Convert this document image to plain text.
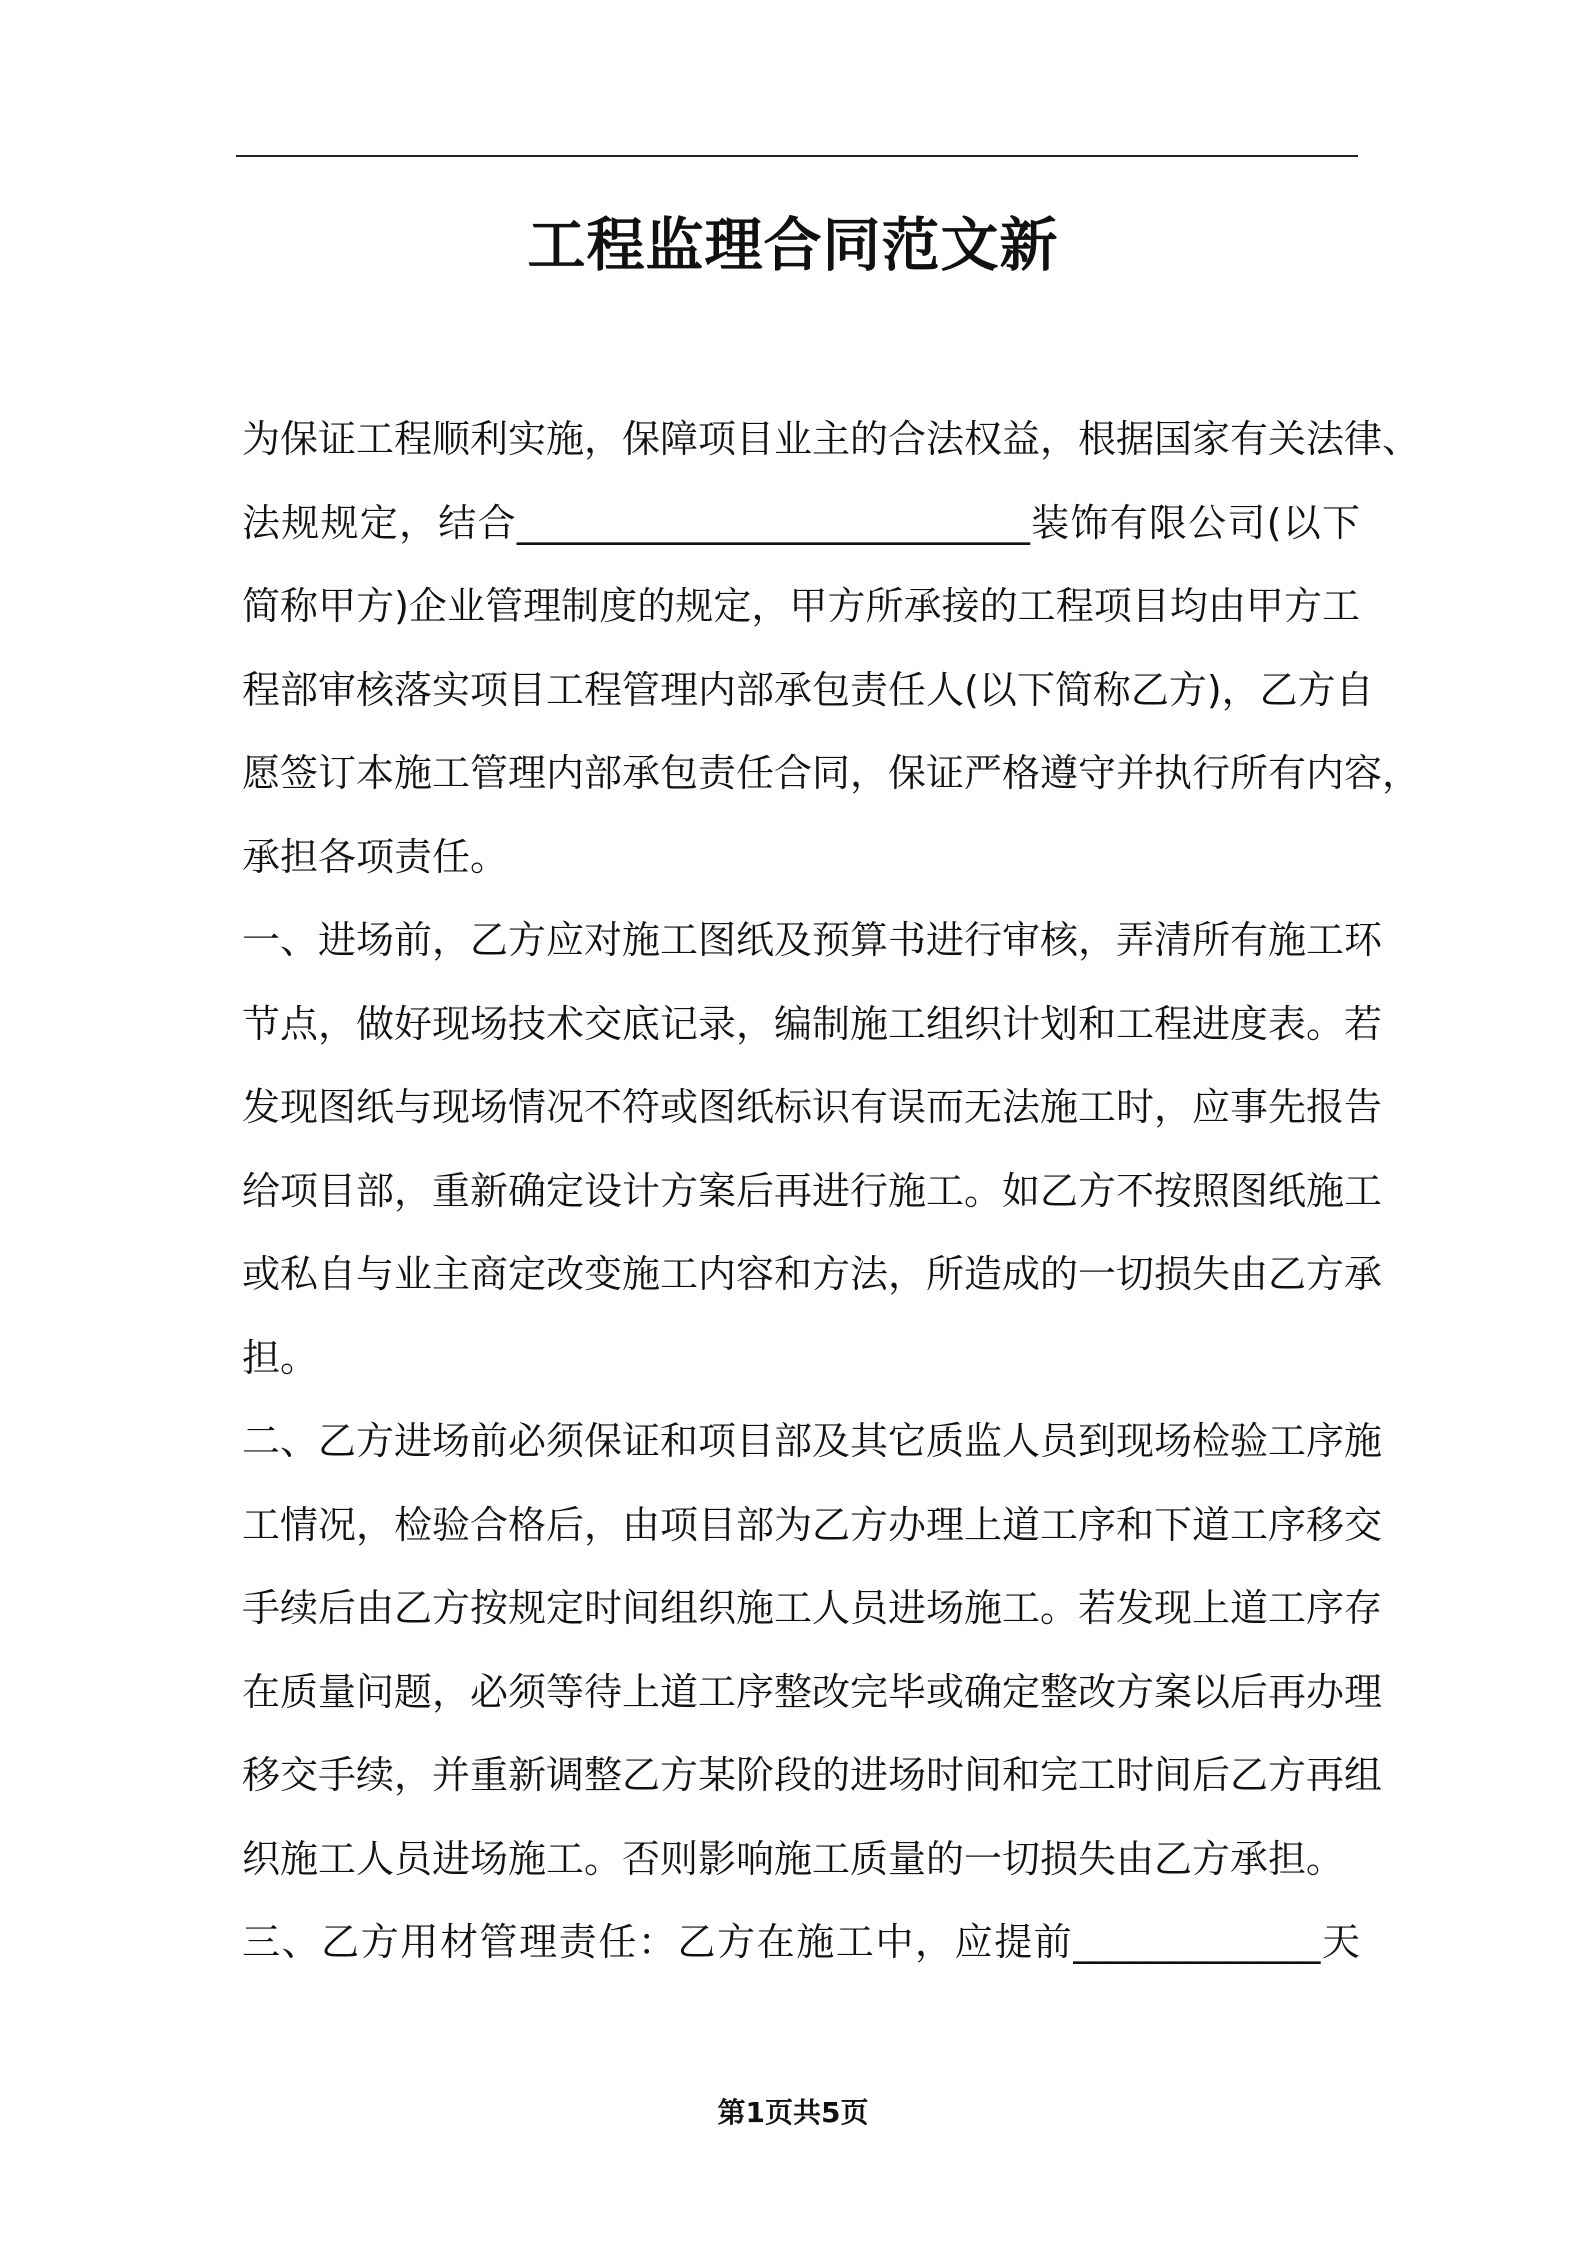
工程监理合同范文新
为保证工程顺利实施，保障项目业主的合法权益，根据国家有关法律、
法规规定，结合___________________________装饰有限公司(以下
简称甲方)企业管理制度的规定，甲方所承接的工程项目均由甲方工
程部审核落实项目工程管理内部承包责任人(以下简称乙方)，乙方自
愿签订本施工管理内部承包责任合同，保证严格遵守并执行所有内容，
承担各项责任。
一、进场前，乙方应对施工图纸及预算书进行审核，弄清所有施工环
节点，做好现场技术交底记录，编制施工组织计划和工程进度表。若
发现图纸与现场情况不符或图纸标识有误而无法施工时，应事先报告
给项目部，重新确定设计方案后再进行施工。如乙方不按照图纸施工
或私自与业主商定改变施工内容和方法，所造成的一切损失由乙方承
担。
二、乙方进场前必须保证和项目部及其它质监人员到现场检验工序施
工情况，检验合格后，由项目部为乙方办理上道工序和下道工序移交
手续后由乙方按规定时间组织施工人员进场施工。若发现上道工序存
在质量问题，必须等待上道工序整改完毕或确定整改方案以后再办理
移交手续，并重新调整乙方某阶段的进场时间和完工时间后乙方再组
织施工人员进场施工。否则影响施工质量的一切损失由乙方承担。
三、乙方用材管理责任：乙方在施工中，应提前_____________天
第1页共5页
